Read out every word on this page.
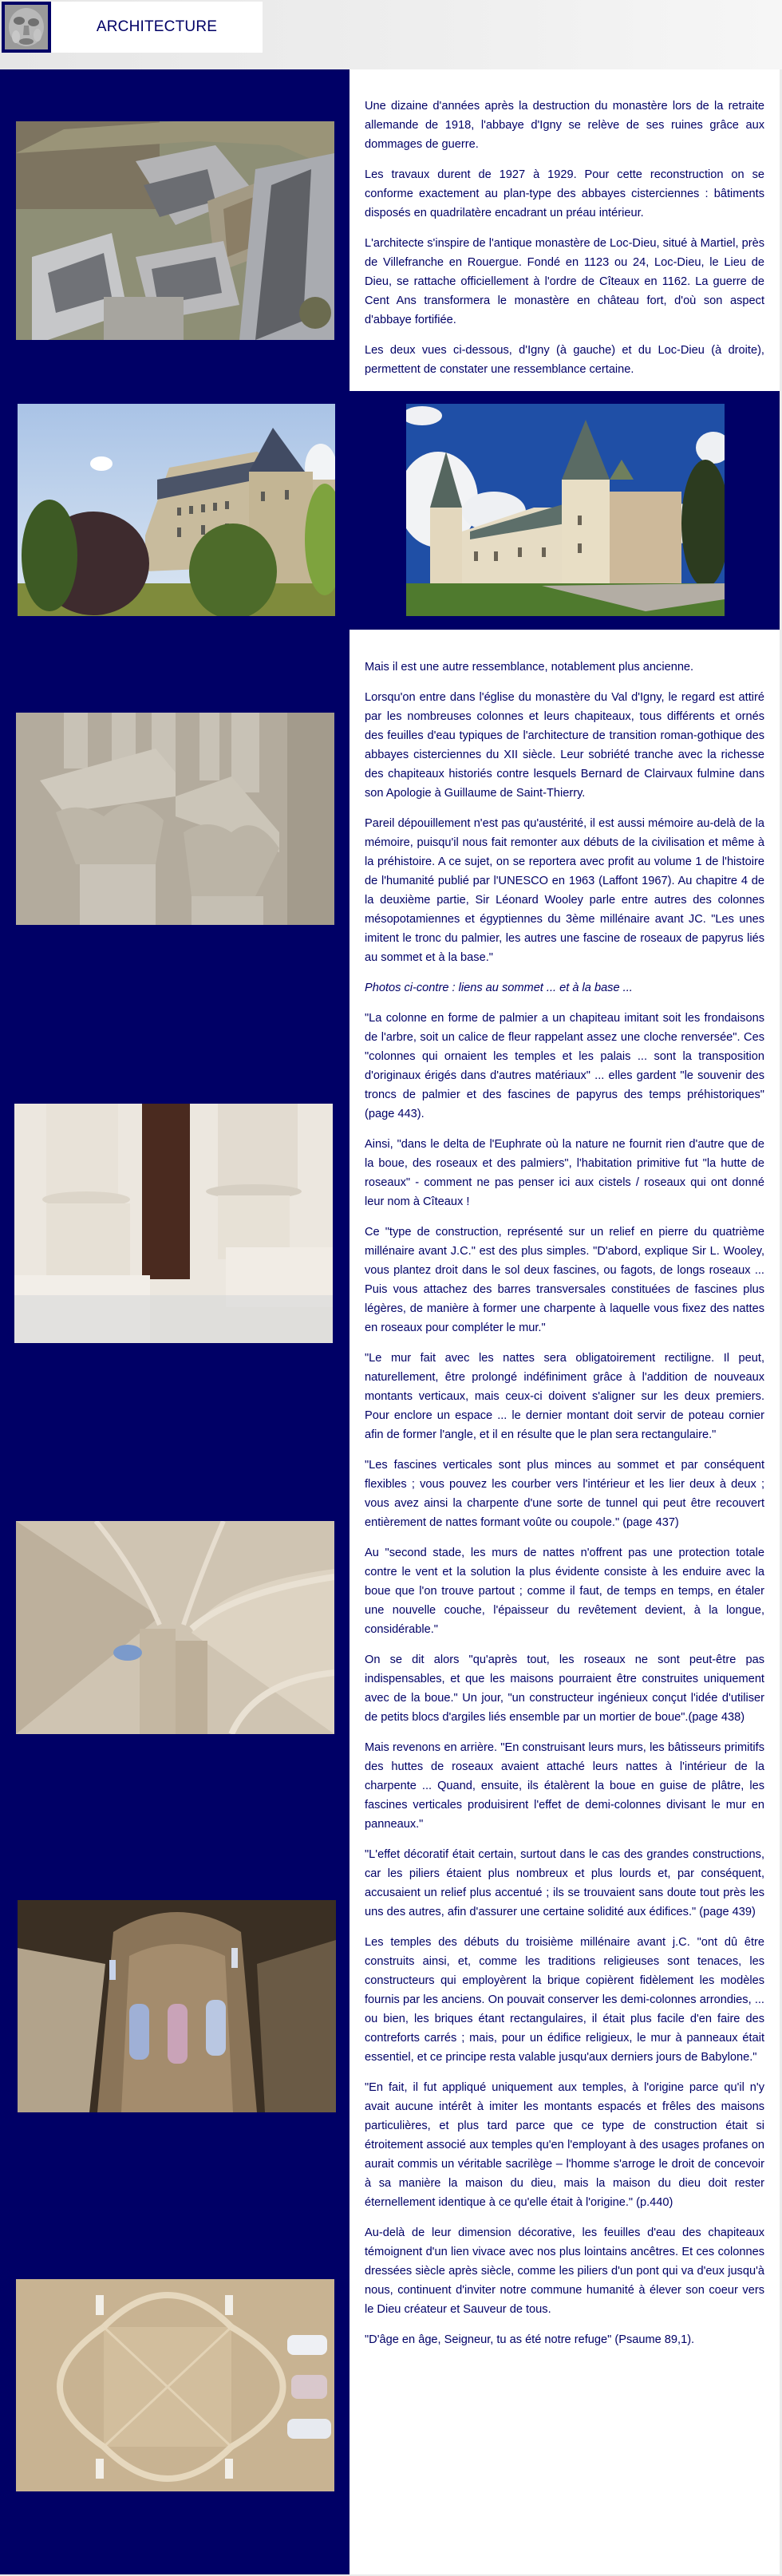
ARCHITECTURE

Une dizaine d'années après la destruction du monastère lors de la retraite allemande de 1918, l'abbaye d'Igny se relève de ses ruines grâce aux dommages de guerre.

Les travaux durent de 1927 à 1929. Pour cette reconstruction on se conforme exactement au plan-type des abbayes cisterciennes : bâtiments disposés en quadrilatère encadrant un préau intérieur.

L'architecte s'inspire de l'antique monastère de Loc-Dieu, situé à Martiel, près de Villefranche en Rouergue. Fondé en 1123 ou 24, Loc-Dieu, le Lieu de Dieu, se rattache officiellement à l'ordre de Cîteaux en 1162. La guerre de Cent Ans transformera le monastère en château fort, d'où son aspect d'abbaye fortifiée.

Les deux vues ci-dessous, d'Igny (à gauche) et du Loc-Dieu (à droite), permettent de constater une ressemblance certaine.

Mais il est une autre ressemblance, notablement plus ancienne.

Lorsqu'on entre dans l'église du monastère du Val d'Igny, le regard est attiré par les nombreuses colonnes et leurs chapiteaux, tous différents et ornés des feuilles d'eau typiques de l'architecture de transition roman-gothique des abbayes cisterciennes du XII siècle. Leur sobriété tranche avec la richesse des chapiteaux historiés contre lesquels Bernard de Clairvaux fulmine dans son Apologie à Guillaume de Saint-Thierry.

Pareil dépouillement n'est pas qu'austérité, il est aussi mémoire au-delà de la mémoire, puisqu'il nous fait remonter aux débuts de la civilisation et même à la préhistoire. A ce sujet, on se reportera avec profit au volume 1 de l'histoire de l'humanité publié par l'UNESCO en 1963 (Laffont 1967). Au chapitre 4 de la deuxième partie, Sir Léonard Wooley parle entre autres des colonnes mésopotamiennes et égyptiennes du 3ème millénaire avant JC. "Les unes imitent le tronc du palmier, les autres une fascine de roseaux de papyrus liés au sommet et à la base."

Photos ci-contre : liens au sommet ... et à la base ...

"La colonne en forme de palmier a un chapiteau imitant soit les frondaisons de l'arbre, soit un calice de fleur rappelant assez une cloche renversée". Ces "colonnes qui ornaient les temples et les palais ... sont la transposition d'originaux érigés dans d'autres matériaux" ... elles gardent "le souvenir des troncs de palmier et des fascines de papyrus des temps préhistoriques" (page 443).

Ainsi, "dans le delta de l'Euphrate où la nature ne fournit rien d'autre que de la boue, des roseaux et des palmiers", l'habitation primitive fut "la hutte de roseaux" - comment ne pas penser ici aux cistels / roseaux qui ont donné leur nom à Cîteaux !

Ce "type de construction, représenté sur un relief en pierre du quatrième millénaire avant J.C." est des plus simples. "D'abord, explique Sir L. Wooley, vous plantez droit dans le sol deux fascines, ou fagots, de longs roseaux ... Puis vous attachez des barres transversales constituées de fascines plus légères, de manière à former une charpente à laquelle vous fixez des nattes en roseaux pour compléter le mur."

"Le mur fait avec les nattes sera obligatoirement rectiligne. Il peut, naturellement, être prolongé indéfiniment grâce à l'addition de nouveaux montants verticaux, mais ceux-ci doivent s'aligner sur les deux premiers. Pour enclore un espace ... le dernier montant doit servir de poteau cornier afin de former l'angle, et il en résulte que le plan sera rectangulaire."

"Les fascines verticales sont plus minces au sommet et par conséquent flexibles ; vous pouvez les courber vers l'intérieur et les lier deux à deux ; vous avez ainsi la charpente d'une sorte de tunnel qui peut être recouvert entièrement de nattes formant voûte ou coupole." (page 437)

Au "second stade, les murs de nattes n'offrent pas une protection totale contre le vent et la solution la plus évidente consiste à les enduire avec la boue que l'on trouve partout ; comme il faut, de temps en temps, en étaler une nouvelle couche, l'épaisseur du revêtement devient, à la longue, considérable."

On se dit alors "qu'après tout, les roseaux ne sont peut-être pas indispensables, et que les maisons pourraient être construites uniquement avec de la boue." Un jour, "un constructeur ingénieux conçut l'idée d'utiliser de petits blocs d'argiles liés ensemble par un mortier de boue".(page 438)

Mais revenons en arrière. "En construisant leurs murs, les bâtisseurs primitifs des huttes de roseaux avaient attaché leurs nattes à l'intérieur de la charpente ... Quand, ensuite, ils étalèrent la boue en guise de plâtre, les fascines verticales produisirent l'effet de demi-colonnes divisant le mur en panneaux."

"L'effet décoratif était certain, surtout dans le cas des grandes constructions, car les piliers étaient plus nombreux et plus lourds et, par conséquent, accusaient un relief plus accentué ; ils se trouvaient sans doute tout près les uns des autres, afin d'assurer une certaine solidité aux édifices." (page 439)

Les temples des débuts du troisième millénaire avant j.C. "ont dû être construits ainsi, et, comme les traditions religieuses sont tenaces, les constructeurs qui employèrent la brique copièrent fidèlement les modèles fournis par les anciens. On pouvait conserver les demi-colonnes arrondies, ... ou bien, les briques étant rectangulaires, il était plus facile d'en faire des contreforts carrés ; mais, pour un édifice religieux, le mur à panneaux était essentiel, et ce principe resta valable jusqu'aux derniers jours de Babylone."

"En fait, il fut appliqué uniquement aux temples, à l'origine parce qu'il n'y avait aucune intérêt à imiter les montants espacés et frêles des maisons particulières, et plus tard parce que ce type de construction était si étroitement associé aux temples qu'en l'employant à des usages profanes on aurait commis un véritable sacrilège – l'homme s'arroge le droit de concevoir à sa manière la maison du dieu, mais la maison du dieu doit rester éternellement identique à ce qu'elle était à l'origine." (p.440)

Au-delà de leur dimension décorative, les feuilles d'eau des chapiteaux témoignent d'un lien vivace avec nos plus lointains ancêtres. Et ces colonnes dressées siècle après siècle, comme les piliers d'un pont qui va d'eux jusqu'à nous, continuent d'inviter notre commune humanité à élever son coeur vers le Dieu créateur et Sauveur de tous.

"D'âge en âge, Seigneur, tu as été notre refuge" (Psaume 89,1).
